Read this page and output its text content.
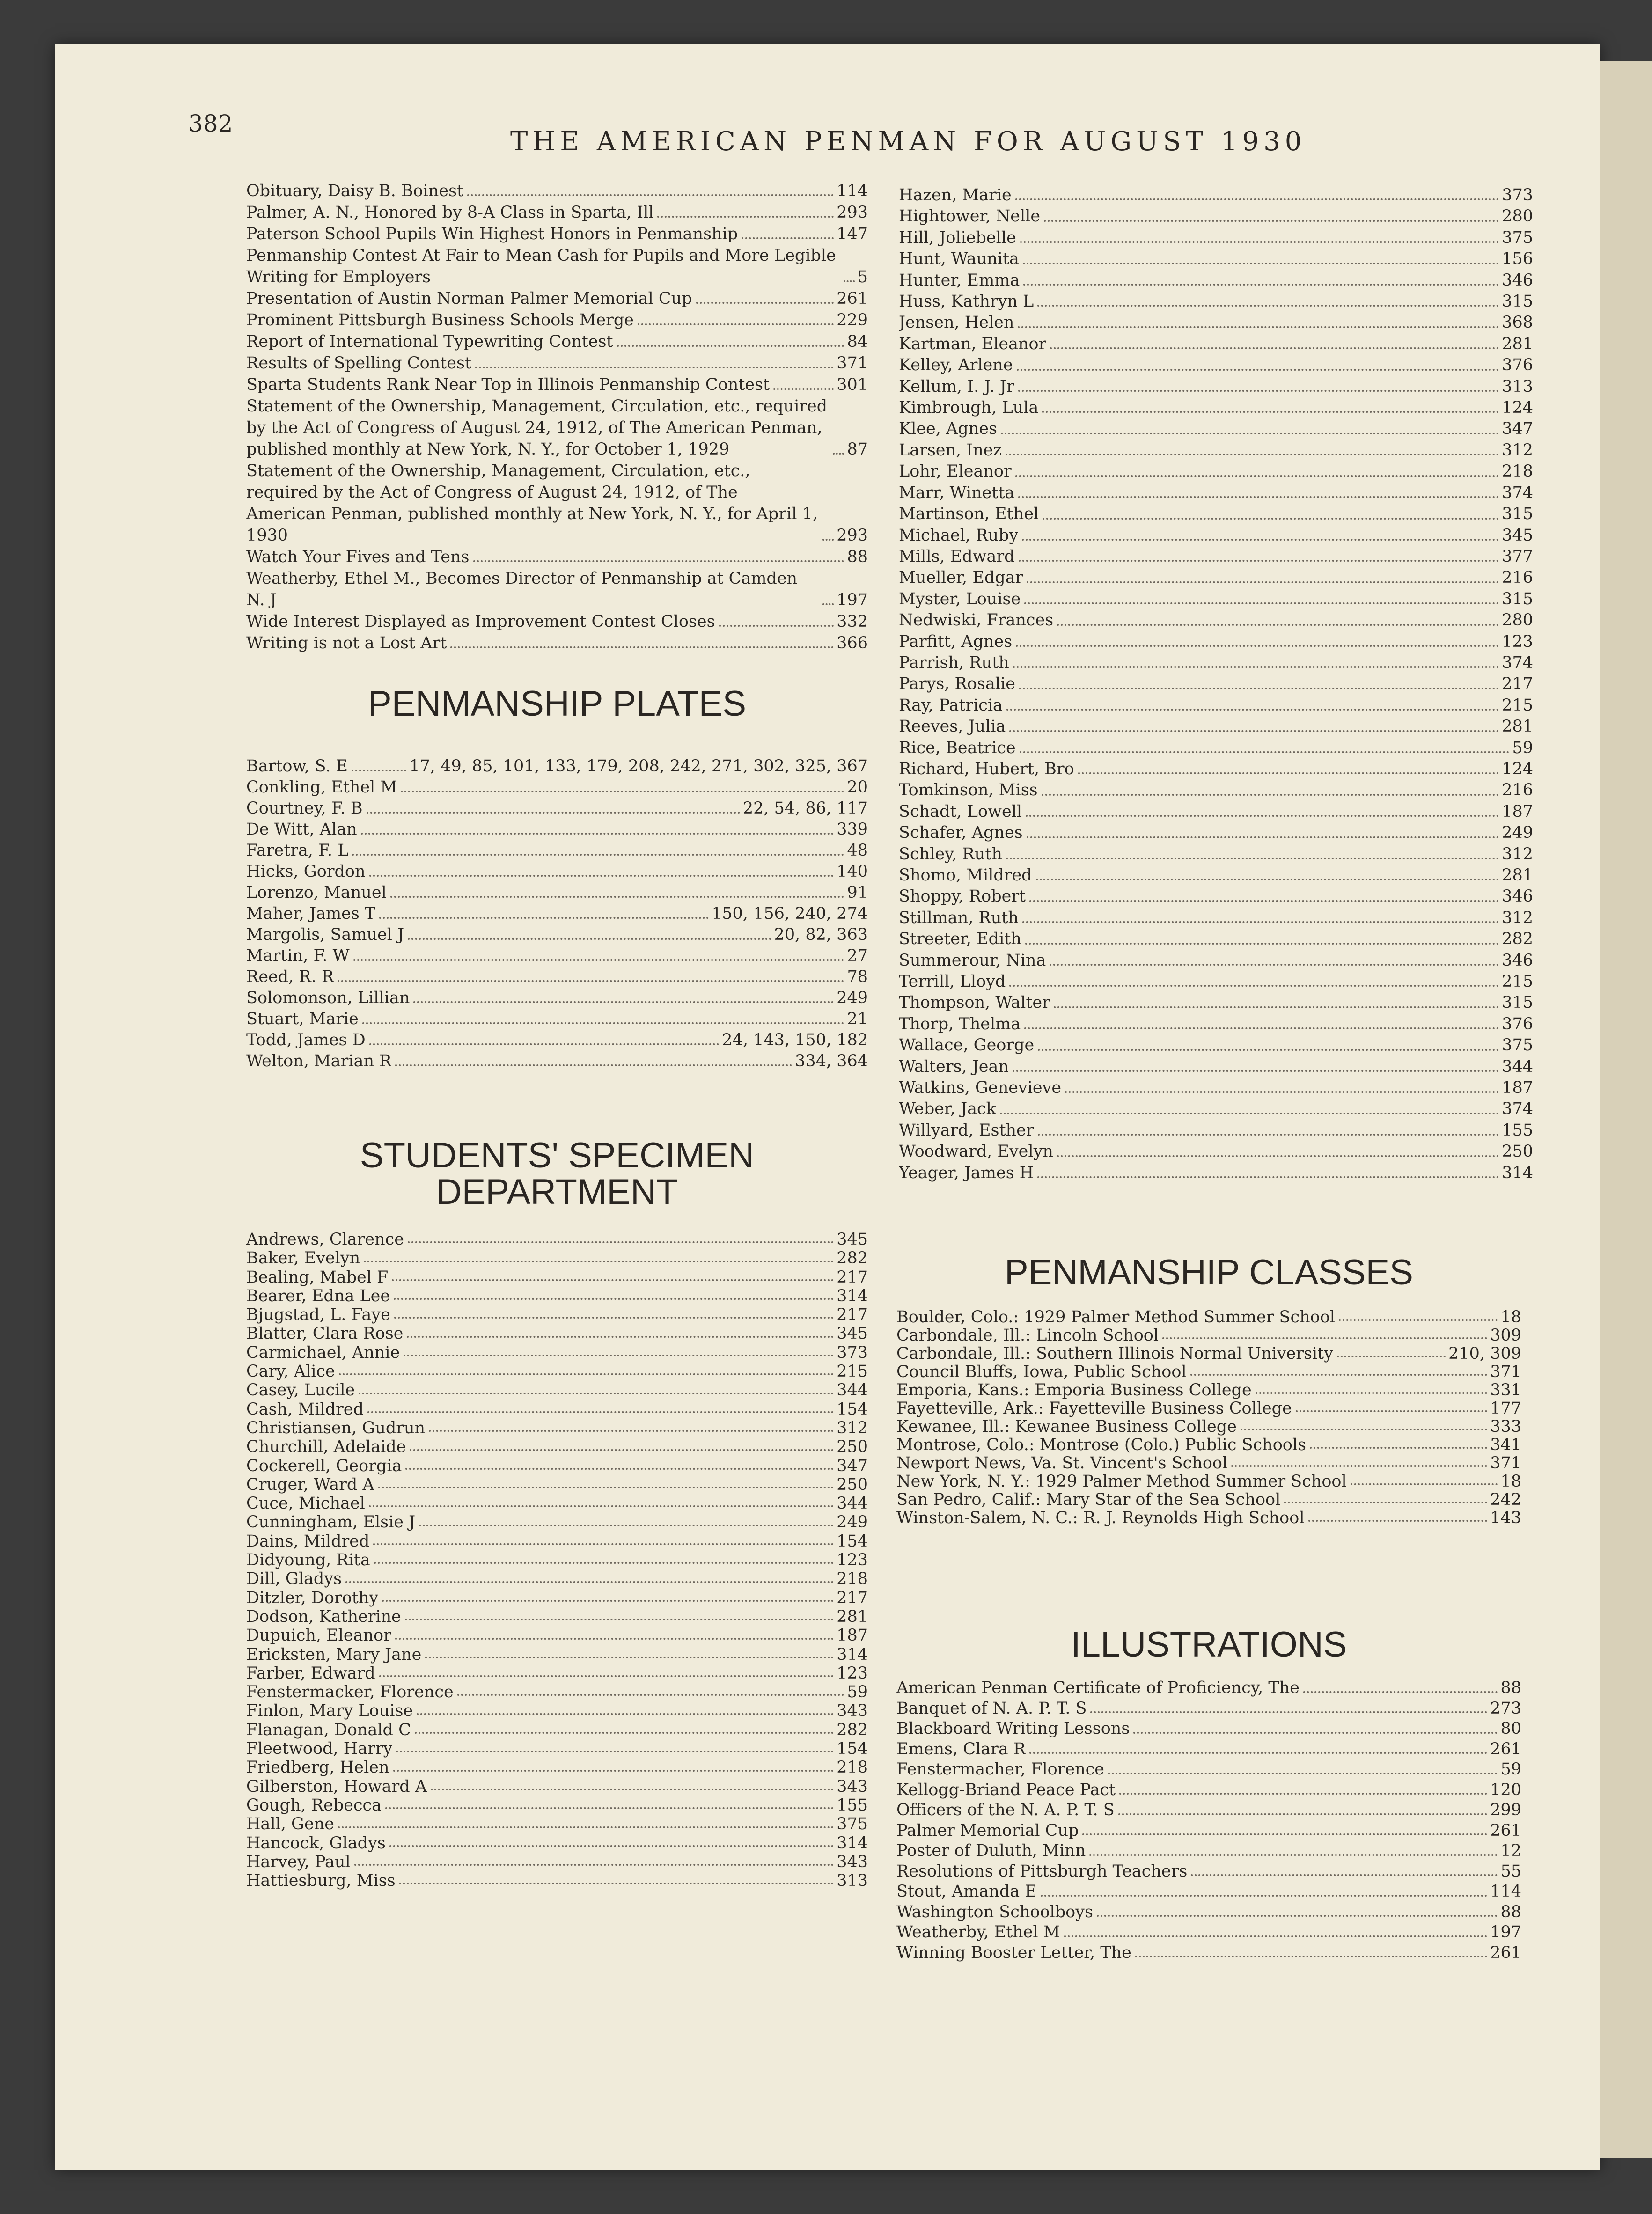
382
THE AMERICAN PENMAN FOR AUGUST 1930
Obituary, Daisy B. Boinest	114
Palmer, A. N., Honored by 8-A Class in Sparta, Ill	293
Paterson School Pupils Win Highest Honors in Penmanship	147
Penmanship Contest At Fair to Mean Cash for Pupils and More Legible Writing for Employers	5
Presentation of Austin Norman Palmer Memorial Cup	261
Prominent Pittsburgh Business Schools Merge	229
Report of International Typewriting Contest	84
Results of Spelling Contest	371
Sparta Students Rank Near Top in Illinois Penmanship Contest	301
Statement of the Ownership, Management, Circulation, etc., required by the Act of Congress of August 24, 1912, of The American Penman, published monthly at New York, N. Y., for October 1, 1929	87
Statement of the Ownership, Management, Circulation, etc., required by the Act of Congress of August 24, 1912, of The American Penman, published monthly at New York, N. Y., for April 1, 1930	293
Watch Your Fives and Tens	88
Weatherby, Ethel M., Becomes Director of Penmanship at Camden N. J	197
Wide Interest Displayed as Improvement Contest Closes	332
Writing is not a Lost Art	366
PENMANSHIP PLATES
Bartow, S. E	17, 49, 85, 101, 133, 179, 208, 242, 271, 302, 325, 367
Conkling, Ethel M	20
Courtney, F. B	22, 54, 86, 117
De Witt, Alan	339
Faretra, F. L	48
Hicks, Gordon	140
Lorenzo, Manuel	91
Maher, James T	150, 156, 240, 274
Margolis, Samuel J	20, 82, 363
Martin, F. W	27
Reed, R. R	78
Solomonson, Lillian	249
Stuart, Marie	21
Todd, James D	24, 143, 150, 182
Welton, Marian R	334, 364
STUDENTS' SPECIMEN
DEPARTMENT
Andrews, Clarence	345
Baker, Evelyn	282
Bealing, Mabel F	217
Bearer, Edna Lee	314
Bjugstad, L. Faye	217
Blatter, Clara Rose	345
Carmichael, Annie	373
Cary, Alice	215
Casey, Lucile	344
Cash, Mildred	154
Christiansen, Gudrun	312
Churchill, Adelaide	250
Cockerell, Georgia	347
Cruger, Ward A	250
Cuce, Michael	344
Cunningham, Elsie J	249
Dains, Mildred	154
Didyoung, Rita	123
Dill, Gladys	218
Ditzler, Dorothy	217
Dodson, Katherine	281
Dupuich, Eleanor	187
Ericksten, Mary Jane	314
Farber, Edward	123
Fenstermacker, Florence	59
Finlon, Mary Louise	343
Flanagan, Donald C	282
Fleetwood, Harry	154
Friedberg, Helen	218
Gilberston, Howard A	343
Gough, Rebecca	155
Hall, Gene	375
Hancock, Gladys	314
Harvey, Paul	343
Hattiesburg, Miss	313
Hazen, Marie	373
Hightower, Nelle	280
Hill, Joliebelle	375
Hunt, Waunita	156
Hunter, Emma	346
Huss, Kathryn L	315
Jensen, Helen	368
Kartman, Eleanor	281
Kelley, Arlene	376
Kellum, I. J. Jr	313
Kimbrough, Lula	124
Klee, Agnes	347
Larsen, Inez	312
Lohr, Eleanor	218
Marr, Winetta	374
Martinson, Ethel	315
Michael, Ruby	345
Mills, Edward	377
Mueller, Edgar	216
Myster, Louise	315
Nedwiski, Frances	280
Parfitt, Agnes	123
Parrish, Ruth	374
Parys, Rosalie	217
Ray, Patricia	215
Reeves, Julia	281
Rice, Beatrice	59
Richard, Hubert, Bro	124
Tomkinson, Miss	216
Schadt, Lowell	187
Schafer, Agnes	249
Schley, Ruth	312
Shomo, Mildred	281
Shoppy, Robert	346
Stillman, Ruth	312
Streeter, Edith	282
Summerour, Nina	346
Terrill, Lloyd	215
Thompson, Walter	315
Thorp, Thelma	376
Wallace, George	375
Walters, Jean	344
Watkins, Genevieve	187
Weber, Jack	374
Willyard, Esther	155
Woodward, Evelyn	250
Yeager, James H	314
PENMANSHIP CLASSES
Boulder, Colo.: 1929 Palmer Method Summer School	18
Carbondale, Ill.: Lincoln School	309
Carbondale, Ill.: Southern Illinois Normal University	210, 309
Council Bluffs, Iowa, Public School	371
Emporia, Kans.: Emporia Business College	331
Fayetteville, Ark.: Fayetteville Business College	177
Kewanee, Ill.: Kewanee Business College	333
Montrose, Colo.: Montrose (Colo.) Public Schools	341
Newport News, Va. St. Vincent's School	371
New York, N. Y.: 1929 Palmer Method Summer School	18
San Pedro, Calif.: Mary Star of the Sea School	242
Winston-Salem, N. C.: R. J. Reynolds High School	143
ILLUSTRATIONS
American Penman Certificate of Proficiency, The	88
Banquet of N. A. P. T. S	273
Blackboard Writing Lessons	80
Emens, Clara R	261
Fenstermacher, Florence	59
Kellogg-Briand Peace Pact	120
Officers of the N. A. P. T. S	299
Palmer Memorial Cup	261
Poster of Duluth, Minn	12
Resolutions of Pittsburgh Teachers	55
Stout, Amanda E	114
Washington Schoolboys	88
Weatherby, Ethel M	197
Winning Booster Letter, The	261
